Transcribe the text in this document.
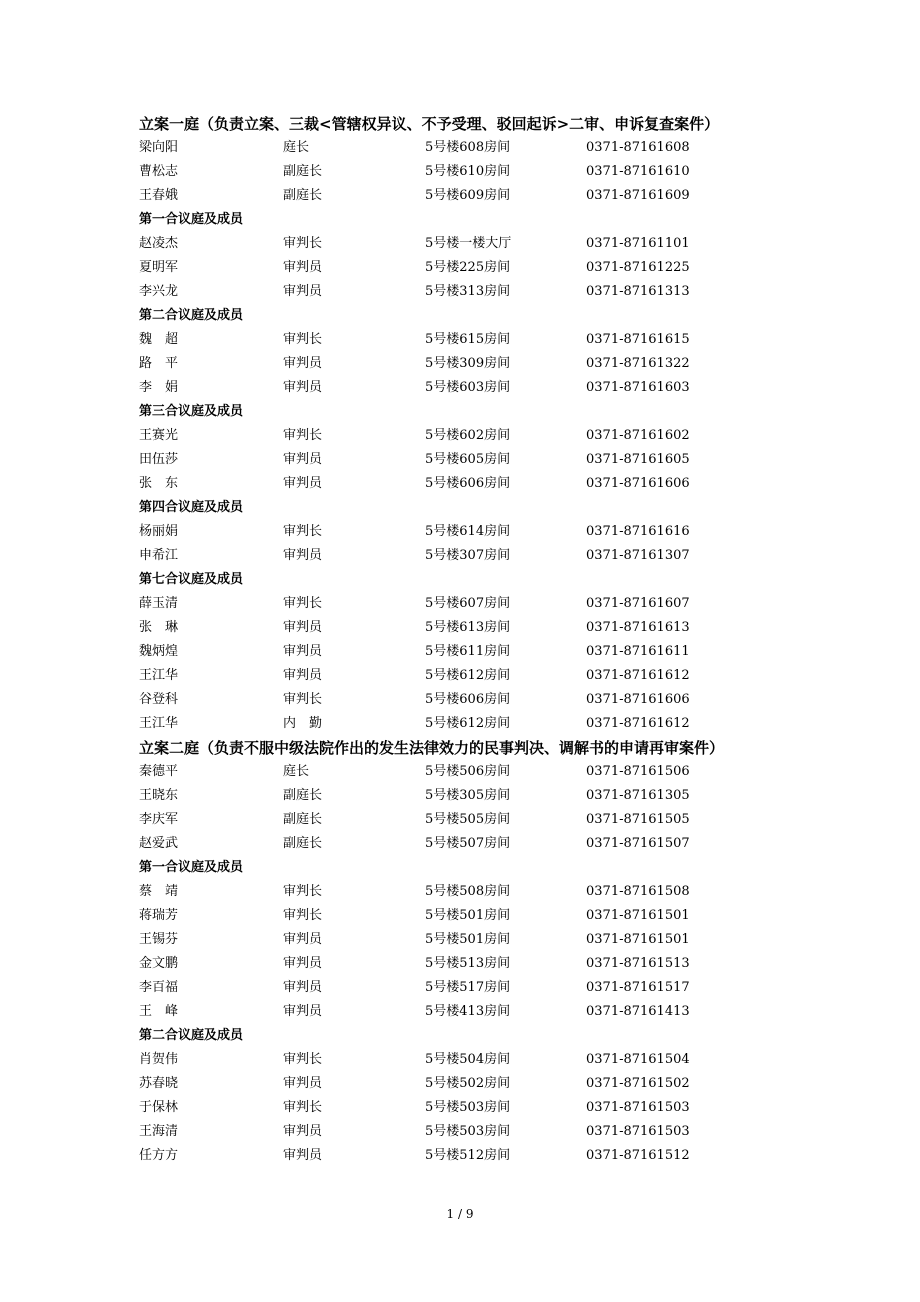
立案一庭（负责立案、三裁<管辖权异议、不予受理、驳回起诉>二审、申诉复查案件）
梁向阳	庭长	5号楼608房间	0371-87161608
曹松志	副庭长	5号楼610房间	0371-87161610
王春娥	副庭长	5号楼609房间	0371-87161609
第一合议庭及成员
赵凌杰	审判长	5号楼一楼大厅	0371-87161101
夏明军	审判员	5号楼225房间	0371-87161225
李兴龙	审判员	5号楼313房间	0371-87161313
第二合议庭及成员
魏　超	审判长	5号楼615房间	0371-87161615
路　平	审判员	5号楼309房间	0371-87161322
李　娟	审判员	5号楼603房间	0371-87161603
第三合议庭及成员
王赛光	审判长	5号楼602房间	0371-87161602
田伍莎	审判员	5号楼605房间	0371-87161605
张　东	审判员	5号楼606房间	0371-87161606
第四合议庭及成员
杨丽娟	审判长	5号楼614房间	0371-87161616
申希江	审判员	5号楼307房间	0371-87161307
第七合议庭及成员
薛玉清	审判长	5号楼607房间	0371-87161607
张　琳	审判员	5号楼613房间	0371-87161613
魏炳煌	审判员	5号楼611房间	0371-87161611
王江华	审判员	5号楼612房间	0371-87161612
谷登科	审判长	5号楼606房间	0371-87161606
王江华	内　勤	5号楼612房间	0371-87161612
立案二庭（负责不服中级法院作出的发生法律效力的民事判决、调解书的申请再审案件）
秦德平	庭长	5号楼506房间	0371-87161506
王晓东	副庭长	5号楼305房间	0371-87161305
李庆军	副庭长	5号楼505房间	0371-87161505
赵爱武	副庭长	5号楼507房间	0371-87161507
第一合议庭及成员
蔡　靖	审判长	5号楼508房间	0371-87161508
蒋瑞芳	审判长	5号楼501房间	0371-87161501
王锡芬	审判员	5号楼501房间	0371-87161501
金文鹏	审判员	5号楼513房间	0371-87161513
李百福	审判员	5号楼517房间	0371-87161517
王　峰	审判员	5号楼413房间	0371-87161413
第二合议庭及成员
肖贺伟	审判长	5号楼504房间	0371-87161504
苏春晓	审判员	5号楼502房间	0371-87161502
于保林	审判长	5号楼503房间	0371-87161503
王海清	审判员	5号楼503房间	0371-87161503
任方方	审判员	5号楼512房间	0371-87161512
1 / 9
